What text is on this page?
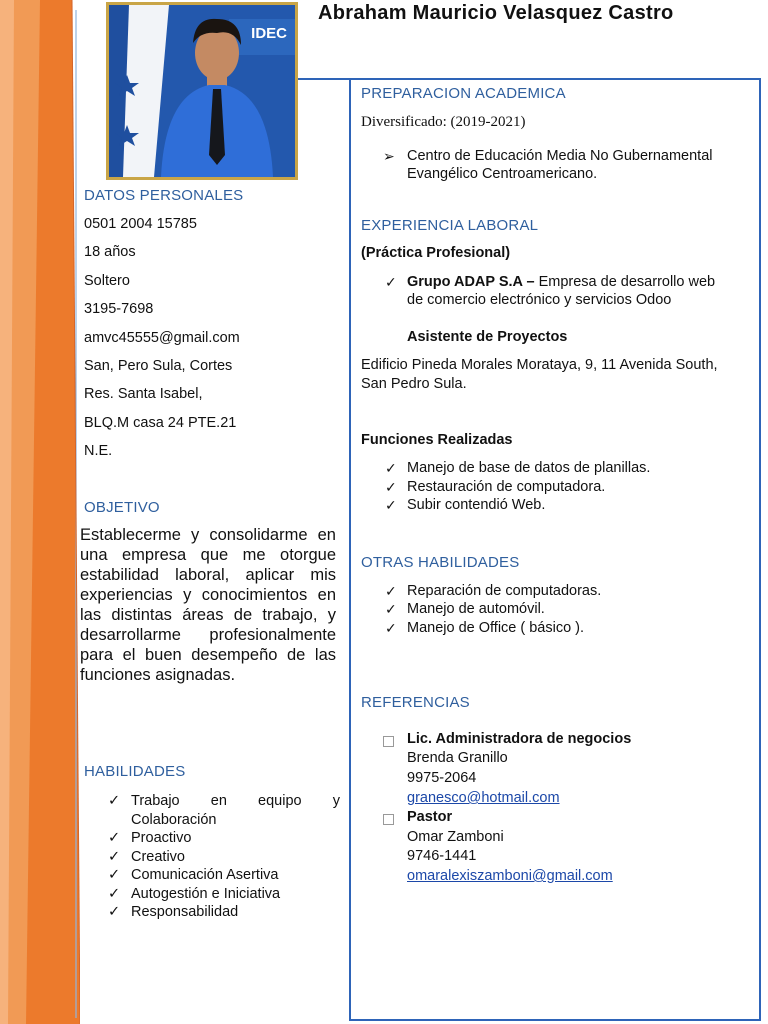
IDEC
Abraham Mauricio Velasquez Castro
DATOS PERSONALES
0501 2004 15785
18 años
Soltero
3195-7698
amvc45555@gmail.com
San, Pero Sula, Cortes
Res. Santa Isabel,
BLQ.M casa 24 PTE.21
N.E.
OBJETIVO
Establecerme y consolidarme en una empresa que me otorgue estabilidad laboral, aplicar mis experiencias y conocimientos en las distintas áreas de trabajo, y desarrollarme profesionalmente para el buen desempeño de las funciones asignadas.
HABILIDADES
✓ Trabajo en equipo y Colaboración
✓ Proactivo
✓ Creativo
✓ Comunicación Asertiva
✓ Autogestión e Iniciativa
✓ Responsabilidad
PREPARACION ACADEMICA
Diversificado: (2019-2021)
➢ Centro de Educación Media No Gubernamental
Evangélico Centroamericano.
EXPERIENCIA LABORAL
(Práctica Profesional)
✓ Grupo ADAP S.A – Empresa de desarrollo web
de comercio electrónico y servicios Odoo
Asistente de Proyectos
Edificio Pineda Morales Morataya, 9, 11 Avenida South,
San Pedro Sula.
Funciones Realizadas
✓ Manejo de base de datos de planillas.
✓ Restauración de computadora.
✓ Subir contendió Web.
OTRAS HABILIDADES
✓ Reparación de computadoras.
✓ Manejo de automóvil.
✓ Manejo de Office ( básico ).
REFERENCIAS
Lic. Administradora de negocios
Brenda Granillo
9975-2064
granesco@hotmail.com
Pastor
Omar Zamboni
9746-1441
omaralexiszamboni@gmail.com
